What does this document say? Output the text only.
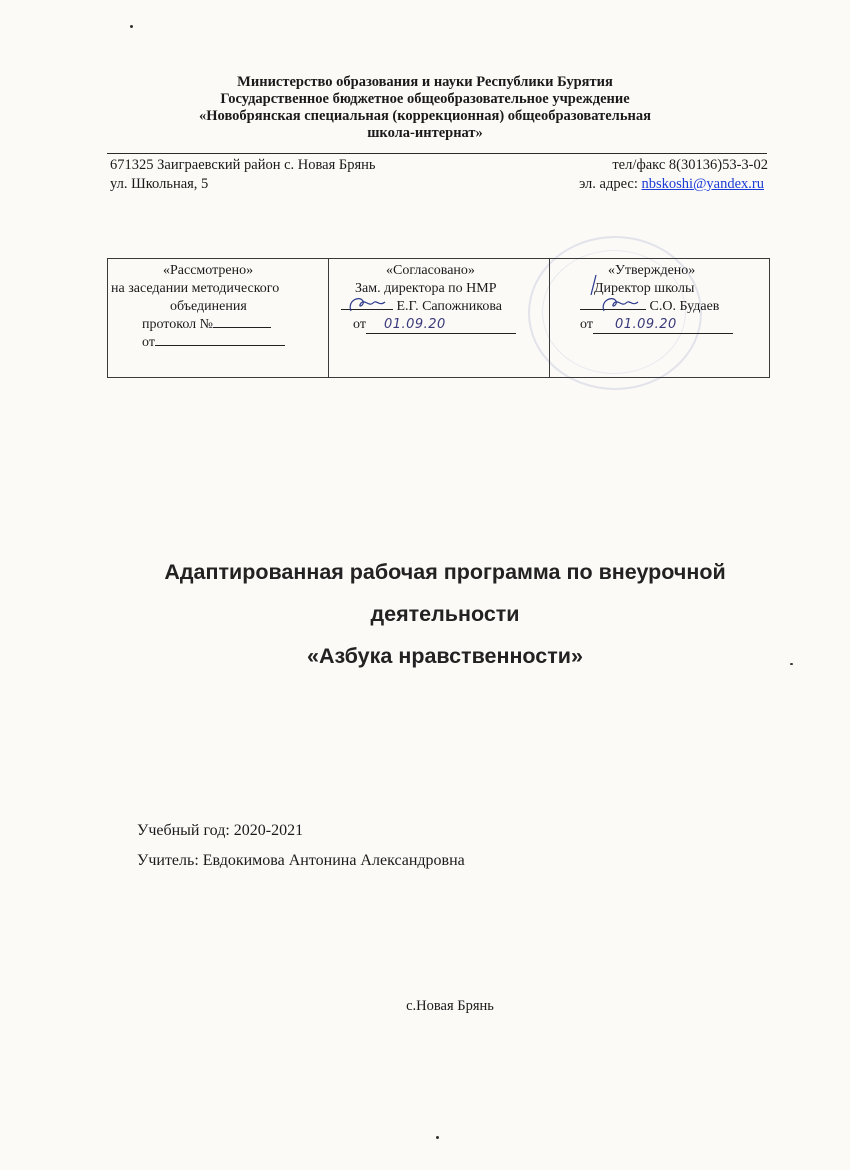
Министерство образования и науки Республики Бурятия
Государственное бюджетное общеобразовательное учреждение
«Новобрянская специальная (коррекционная) общеобразовательная
школа-интернат»
671325 Заиграевский район с. Новая Брянь
ул. Школьная, 5
тел/факс 8(30136)53-3-02
эл. адрес: nbskoshi@yandex.ru
«Рассмотрено»
на заседании методического
объединения
протокол №
от

«Согласовано»
Зам. директора по НМР
Е.Г. Сапожникова
от 01.09.20

«Утверждено»
Директор школы
С.О. Будаев
от 01.09.20
Адаптированная рабочая программа по внеурочной
деятельности
«Азбука нравственности»
Учебный год: 2020-2021
Учитель: Евдокимова Антонина Александровна
с.Новая Брянь
